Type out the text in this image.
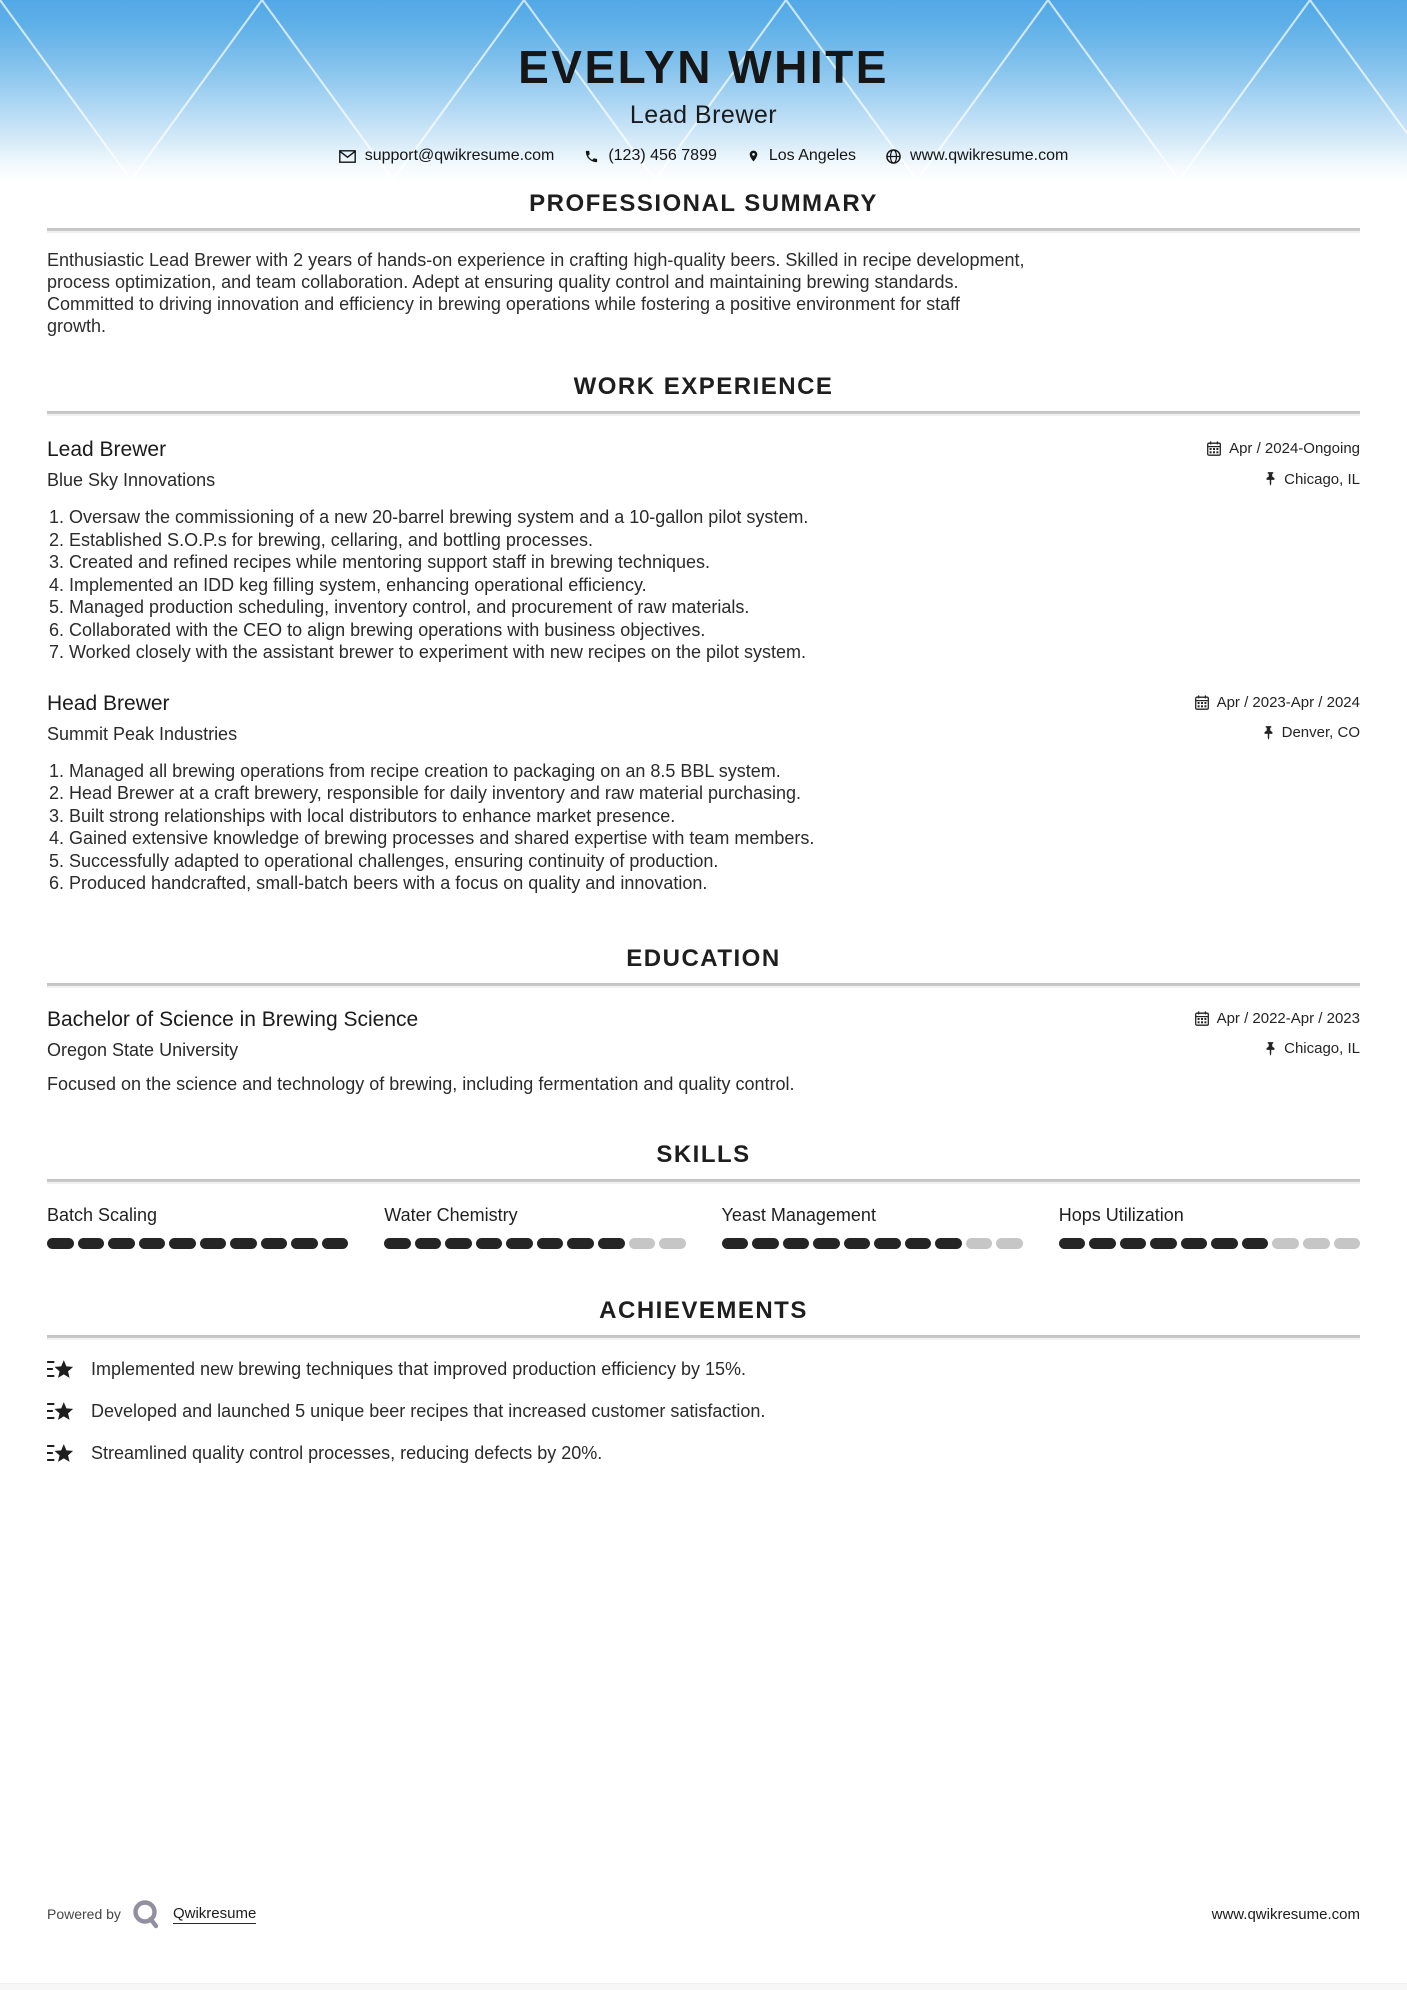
EVELYN WHITE
Lead Brewer
support@qwikresume.com	(123) 456 7899	Los Angeles	www.qwikresume.com
PROFESSIONAL SUMMARY
Enthusiastic Lead Brewer with 2 years of hands-on experience in crafting high-quality beers. Skilled in recipe development,
process optimization, and team collaboration. Adept at ensuring quality control and maintaining brewing standards.
Committed to driving innovation and efficiency in brewing operations while fostering a positive environment for staff
growth.
WORK EXPERIENCE
Lead Brewer	Apr / 2024-Ongoing
Blue Sky Innovations	Chicago, IL
1. Oversaw the commissioning of a new 20-barrel brewing system and a 10-gallon pilot system.
2. Established S.O.P.s for brewing, cellaring, and bottling processes.
3. Created and refined recipes while mentoring support staff in brewing techniques.
4. Implemented an IDD keg filling system, enhancing operational efficiency.
5. Managed production scheduling, inventory control, and procurement of raw materials.
6. Collaborated with the CEO to align brewing operations with business objectives.
7. Worked closely with the assistant brewer to experiment with new recipes on the pilot system.
Head Brewer	Apr / 2023-Apr / 2024
Summit Peak Industries	Denver, CO
1. Managed all brewing operations from recipe creation to packaging on an 8.5 BBL system.
2. Head Brewer at a craft brewery, responsible for daily inventory and raw material purchasing.
3. Built strong relationships with local distributors to enhance market presence.
4. Gained extensive knowledge of brewing processes and shared expertise with team members.
5. Successfully adapted to operational challenges, ensuring continuity of production.
6. Produced handcrafted, small-batch beers with a focus on quality and innovation.
EDUCATION
Bachelor of Science in Brewing Science	Apr / 2022-Apr / 2023
Oregon State University	Chicago, IL
Focused on the science and technology of brewing, including fermentation and quality control.
SKILLS
Batch Scaling	Water Chemistry	Yeast Management	Hops Utilization
ACHIEVEMENTS
Implemented new brewing techniques that improved production efficiency by 15%.
Developed and launched 5 unique beer recipes that increased customer satisfaction.
Streamlined quality control processes, reducing defects by 20%.
Powered by	Qwikresume	www.qwikresume.com
